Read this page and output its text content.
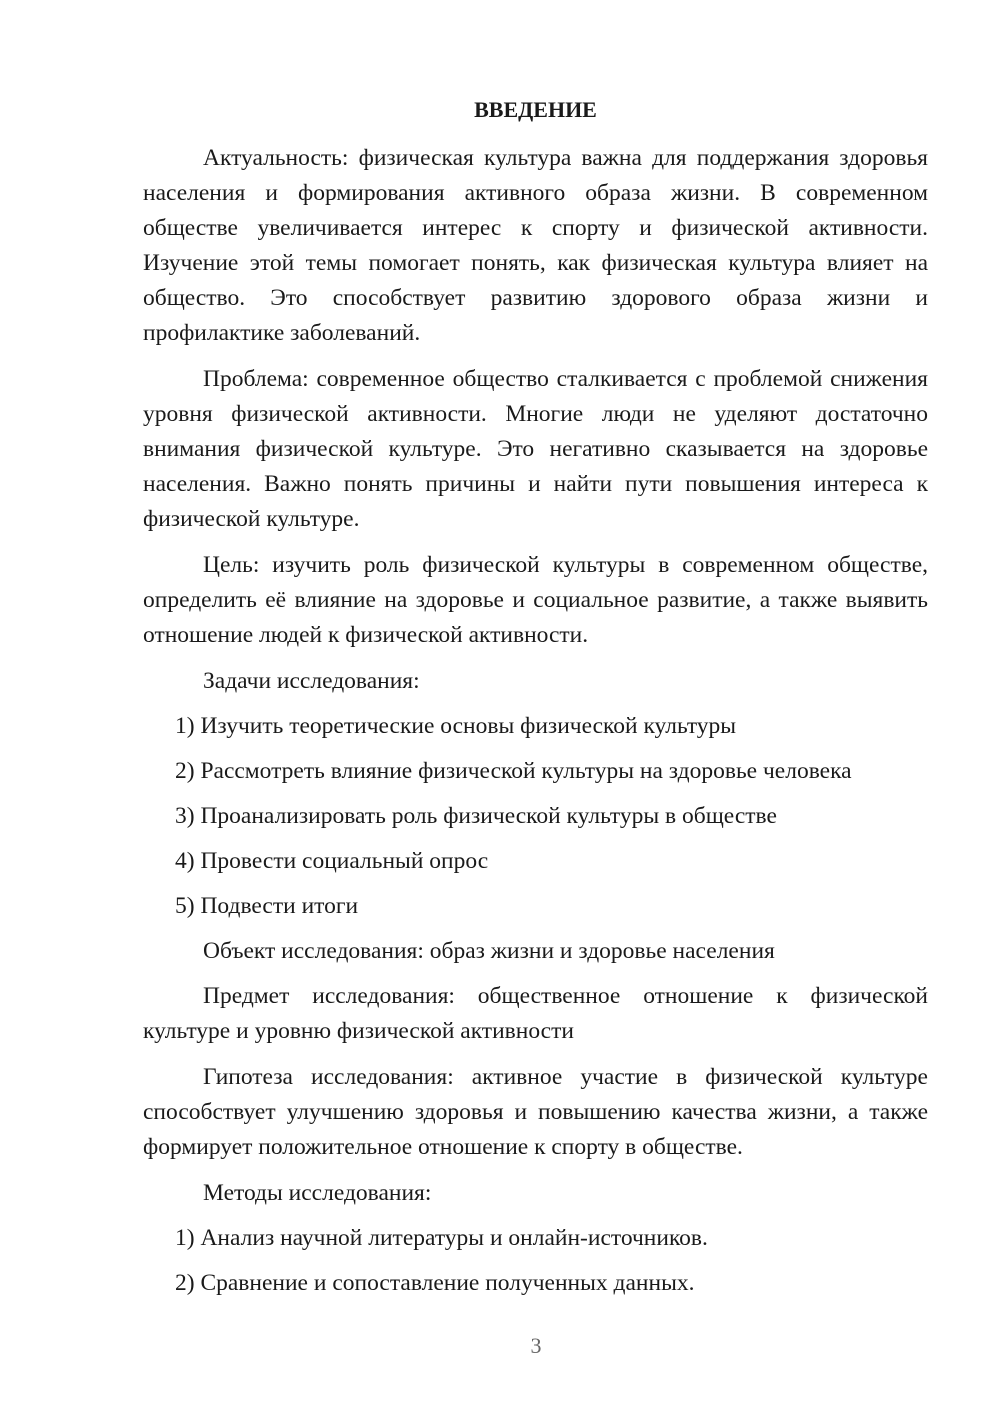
ВВЕДЕНИЕ

Актуальность: физическая культура важна для поддержания здоровья населения и формирования активного образа жизни. В современном обществе увеличивается интерес к спорту и физической активности. Изучение этой темы помогает понять, как физическая культура влияет на общество. Это способствует развитию здорового образа жизни и профилактике заболеваний.

Проблема: современное общество сталкивается с проблемой снижения уровня физической активности. Многие люди не уделяют достаточно внимания физической культуре. Это негативно сказывается на здоровье населения. Важно понять причины и найти пути повышения интереса к физической культуре.

Цель: изучить роль физической культуры в современном обществе, определить её влияние на здоровье и социальное развитие, а также выявить отношение людей к физической активности.

Задачи исследования:

1) Изучить теоретические основы физической культуры
2) Рассмотреть влияние физической культуры на здоровье человека
3) Проанализировать роль физической культуры в обществе
4) Провести социальный опрос
5) Подвести итоги

Объект исследования: образ жизни и здоровье населения

Предмет исследования: общественное отношение к физической культуре и уровню физической активности

Гипотеза исследования: активное участие в физической культуре способствует улучшению здоровья и повышению качества жизни, а также формирует положительное отношение к спорту в обществе.

Методы исследования:

1) Анализ научной литературы и онлайн-источников.
2) Сравнение и сопоставление полученных данных.
3
